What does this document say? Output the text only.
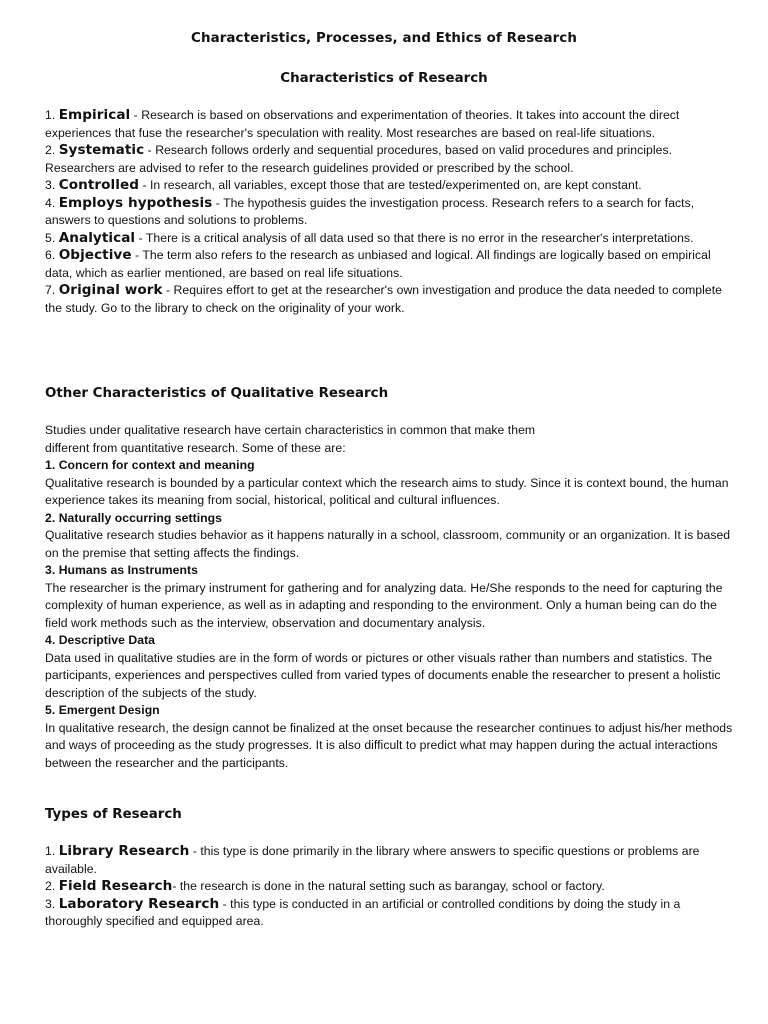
Characteristics, Processes, and Ethics of Research
Characteristics of Research

1. Empirical - Research is based on observations and experimentation of theories. It takes into account the direct experiences that fuse the researcher's speculation with reality. Most researches are based on real-life situations.

2. Systematic - Research follows orderly and sequential procedures, based on valid procedures and principles. Researchers are advised to refer to the research guidelines provided or prescribed by the school.

3. Controlled - In research, all variables, except those that are tested/experimented on, are kept constant.

4. Employs hypothesis - The hypothesis guides the investigation process. Research refers to a search for facts, answers to questions and solutions to problems.

5. Analytical - There is a critical analysis of all data used so that there is no error in the researcher's interpretations.

6. Objective - The term also refers to the research as unbiased and logical. All findings are logically based on empirical data, which as earlier mentioned, are based on real life situations.

7. Original work - Requires effort to get at the researcher's own investigation and produce the data needed to complete the study. Go to the library to check on the originality of your work.

Other Characteristics of Qualitative Research
Studies under qualitative research have certain characteristics in common that make them
different from quantitative research. Some of these are:
1. Concern for context and meaning
Qualitative research is bounded by a particular context which the research aims to study. Since it is context bound, the human experience takes its meaning from social, historical, political and cultural influences.
2. Naturally occurring settings
Qualitative research studies behavior as it happens naturally in a school, classroom, community or an organization. It is based on the premise that setting affects the findings.
3. Humans as Instruments
The researcher is the primary instrument for gathering and for analyzing data. He/She responds to the need for capturing the complexity of human experience, as well as in adapting and responding to the environment. Only a human being can do the field work methods such as the interview, observation and documentary analysis.
4. Descriptive Data
Data used in qualitative studies are in the form of words or pictures or other visuals rather than numbers and statistics. The participants, experiences and perspectives culled from varied types of documents enable the researcher to present a holistic description of the subjects of the study.
5. Emergent Design
In qualitative research, the design cannot be finalized at the onset because the researcher continues to adjust his/her methods and ways of proceeding as the study progresses. It is also difficult to predict what may happen during the actual interactions between the researcher and the participants.
Types of Research

1. Library Research - this type is done primarily in the library where answers to specific questions or problems are available.

2. Field Research- the research is done in the natural setting such as barangay, school or factory.

3. Laboratory Research - this type is conducted in an artificial or controlled conditions by doing the study in a thoroughly specified and equipped area.
